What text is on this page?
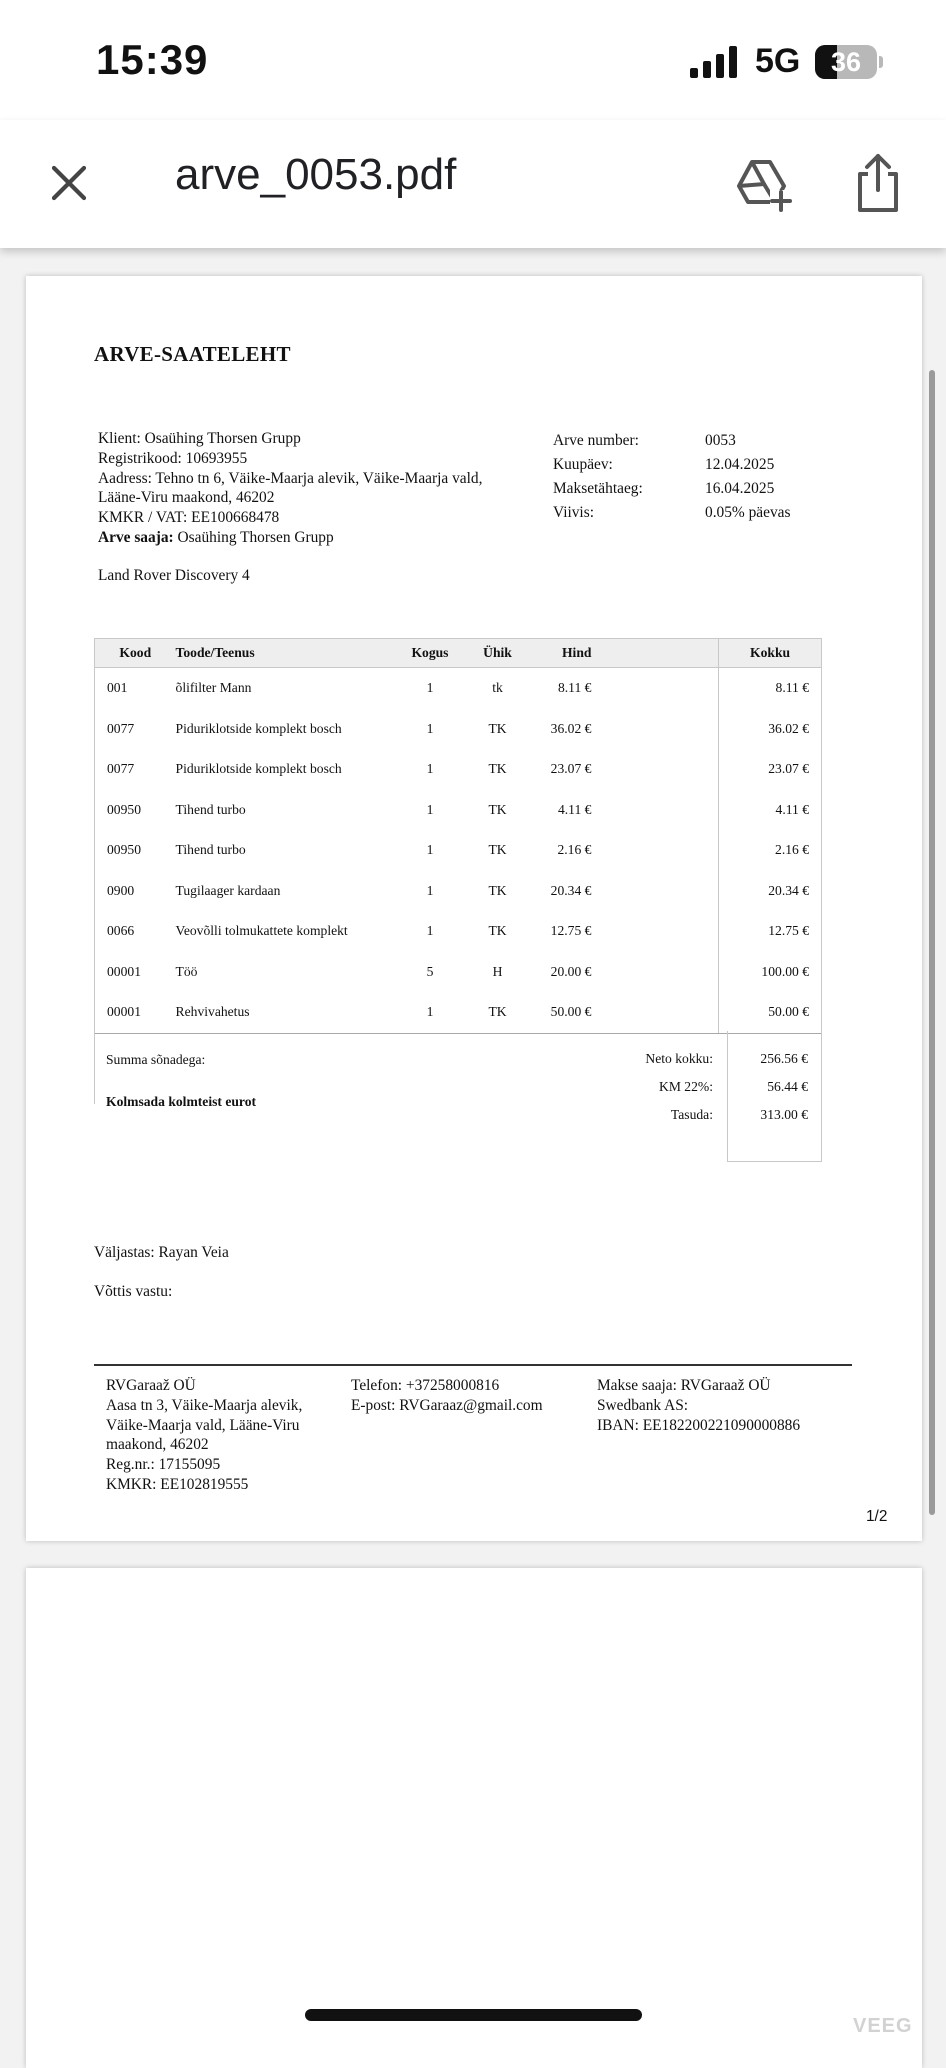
15:39	5G	36
arve_0053.pdf
ARVE-SAATELEHT
Klient: Osaühing Thorsen Grupp
Registrikood: 10693955
Aadress: Tehno tn 6, Väike-Maarja alevik, Väike-Maarja vald,
Lääne-Viru maakond, 46202
KMKR / VAT: EE100668478
Arve saaja: Osaühing Thorsen Grupp
Arve number:	0053
Kuupäev:	12.04.2025
Maksetähtaeg:	16.04.2025
Viivis:	0.05% päevas
Land Rover Discovery 4
Kood	Toode/Teenus	Kogus	Ühik	Hind		Kokku
001	õlifilter Mann	1	tk	8.11 €		8.11 €
0077	Piduriklotside komplekt bosch	1	TK	36.02 €		36.02 €
0077	Piduriklotside komplekt bosch	1	TK	23.07 €		23.07 €
00950	Tihend turbo	1	TK	4.11 €		4.11 €
00950	Tihend turbo	1	TK	2.16 €		2.16 €
0900	Tugilaager kardaan	1	TK	20.34 €		20.34 €
0066	Veovõlli tolmukattete komplekt	1	TK	12.75 €		12.75 €
00001	Töö	5	H	20.00 €		100.00 €
00001	Rehvivahetus	1	TK	50.00 €		50.00 €
Summa sõnadega:
Kolmsada kolmteist eurot
Neto kokku:	256.56 €
KM 22%:	56.44 €
Tasuda:	313.00 €
Väljastas: Rayan Veia
Võttis vastu:
RVGaraaž OÜ
Aasa tn 3, Väike-Maarja alevik,
Väike-Maarja vald, Lääne-Viru
maakond, 46202
Reg.nr.: 17155095
KMKR: EE102819555
Telefon: +37258000816
E-post: RVGaraaz@gmail.com
Makse saaja: RVGaraaž OÜ
Swedbank AS:
IBAN: EE182200221090000886
1/2
VEEG
